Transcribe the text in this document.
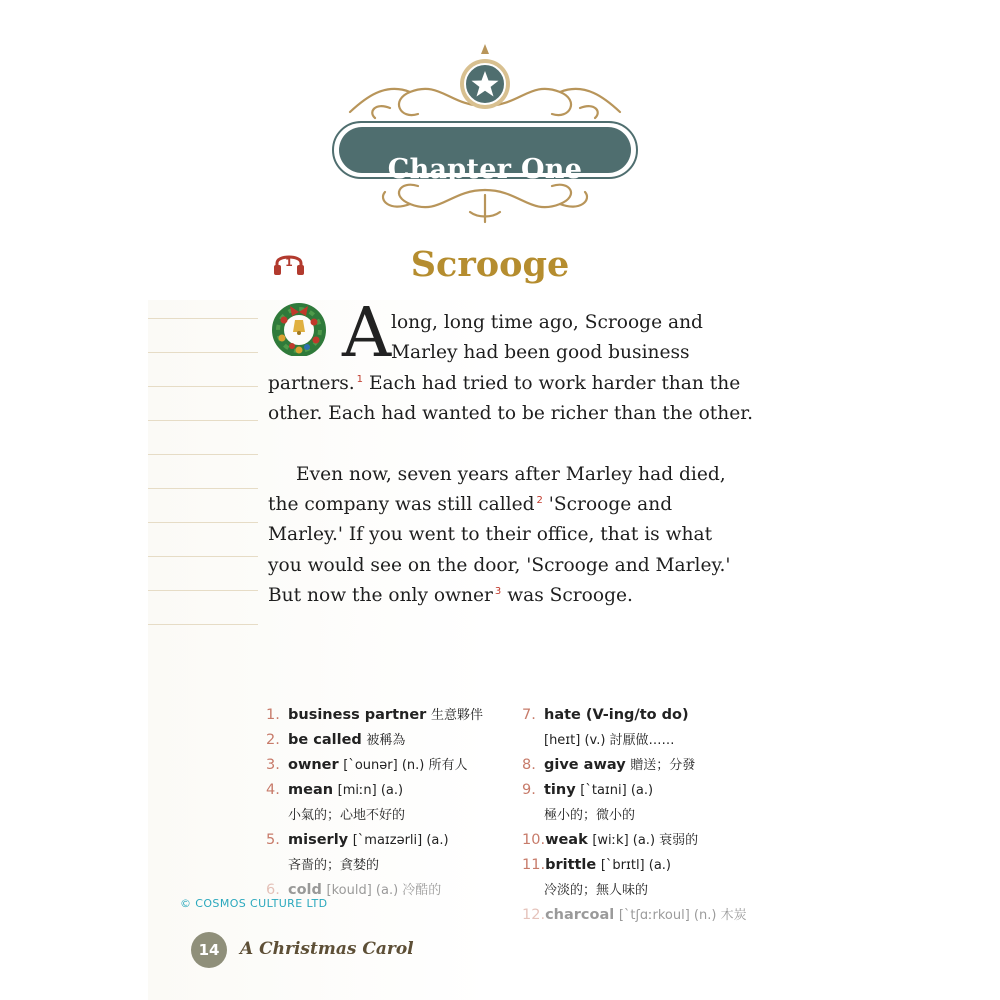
Chapter One
1	Scrooge
A long, long time ago, Scrooge and
Marley had been good business
partners. $^1$ Each had tried to work harder than the
other. Each had wanted to be richer than the other.
Even now, seven years after Marley had died,
the company was still called $^2$ 'Scrooge and
Marley.' If you went to their office, that is what
you would see on the door, 'Scrooge and Marley.'
But now the only owner $^3$ was Scrooge.
1. business partner 生意夥伴
2. be called 被稱為
3. owner [`ounər] (n.) 所有人
4. mean [miːn] (a.)
小氣的；心地不好的
5. miserly [`maɪzərli] (a.)
吝嗇的；貪婪的
6. cold [kould] (a.) 冷酷的
7. hate (V-ing/to do)
[heɪt] (v.) 討厭做……
8. give away 贈送；分發
9. tiny [`taɪni] (a.)
極小的；微小的
10.weak [wiːk] (a.) 衰弱的
11.brittle [`brɪtl] (a.)
冷淡的；無人味的
12.charcoal [`tʃɑːrkoul] (n.) 木炭
© COSMOS CULTURE LTD
14	A Christmas Carol
